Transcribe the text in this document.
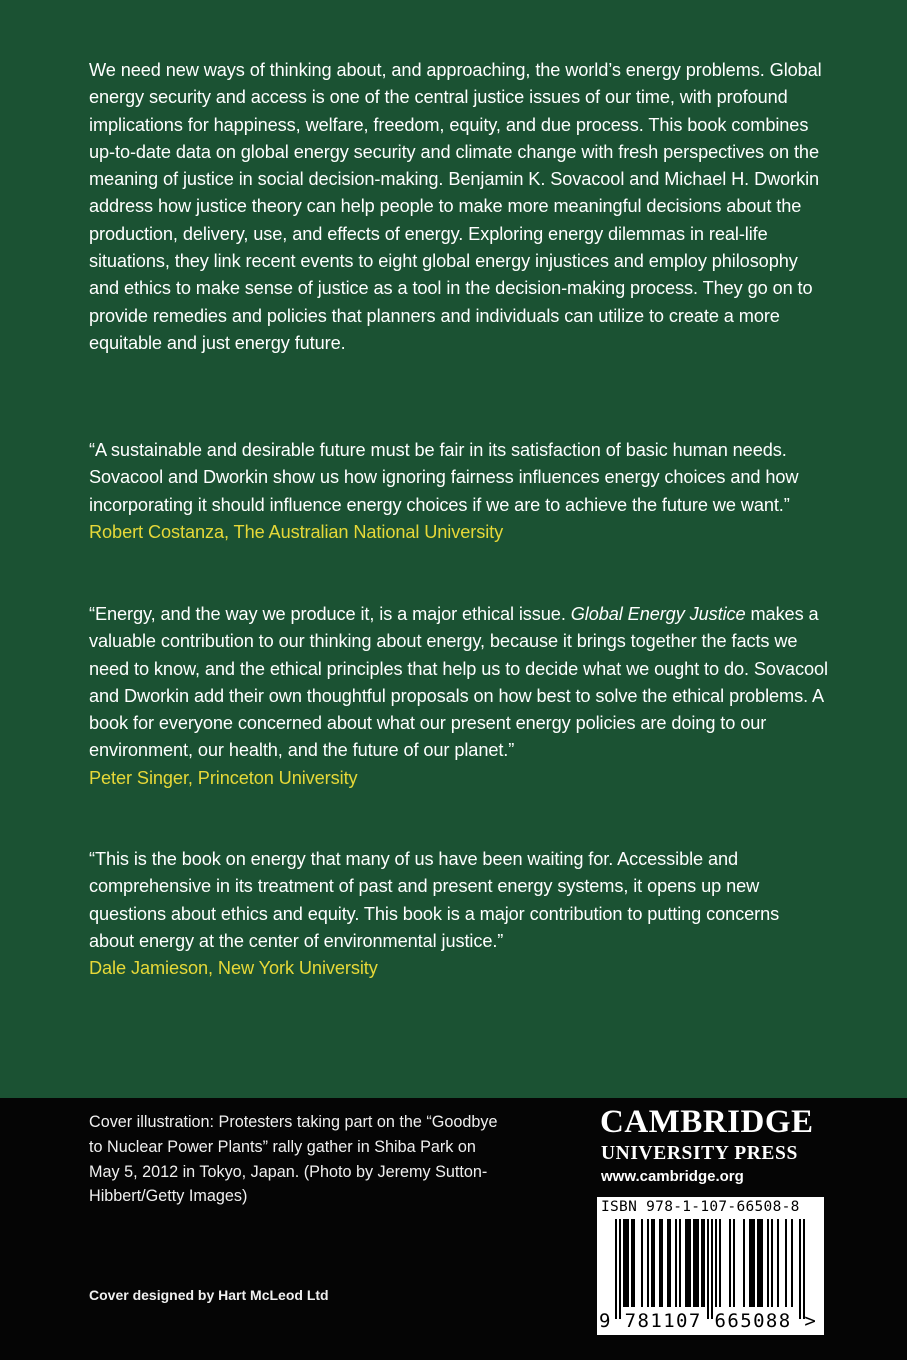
We need new ways of thinking about, and approaching, the world’s energy problems. Global energy security and access is one of the central justice issues of our time, with profound implications for happiness, welfare, freedom, equity, and due process. This book combines up-to-date data on global energy security and climate change with fresh perspectives on the meaning of justice in social decision-making. Benjamin K. Sovacool and Michael H. Dworkin address how justice theory can help people to make more meaningful decisions about the production, delivery, use, and effects of energy. Exploring energy dilemmas in real-life situations, they link recent events to eight global energy injustices and employ philosophy and ethics to make sense of justice as a tool in the decision-making process. They go on to provide remedies and policies that planners and individuals can utilize to create a more equitable and just energy future.

“A sustainable and desirable future must be fair in its satisfaction of basic human needs. Sovacool and Dworkin show us how ignoring fairness influences energy choices and how incorporating it should influence energy choices if we are to achieve the future we want.”

Robert Costanza, The Australian National University

“Energy, and the way we produce it, is a major ethical issue. Global Energy Justice makes a valuable contribution to our thinking about energy, because it brings together the facts we need to know, and the ethical principles that help us to decide what we ought to do. Sovacool and Dworkin add their own thoughtful proposals on how best to solve the ethical problems. A book for everyone concerned about what our present energy policies are doing to our environment, our health, and the future of our planet.”

Peter Singer, Princeton University

“This is the book on energy that many of us have been waiting for. Accessible and comprehensive in its treatment of past and present energy systems, it opens up new questions about ethics and equity. This book is a major contribution to putting concerns about energy at the center of environmental justice.”

Dale Jamieson, New York University

Cover illustration: Protesters taking part on the “Goodbye to Nuclear Power Plants” rally gather in Shiba Park on May 5, 2012 in Tokyo, Japan. (Photo by Jeremy Sutton-Hibbert/Getty Images)
Cover designed by Hart McLeod Ltd
CAMBRIDGE
UNIVERSITY PRESS
www.cambridge.org
ISBN 978-1-107-66508-8
9 781107 665088 >
